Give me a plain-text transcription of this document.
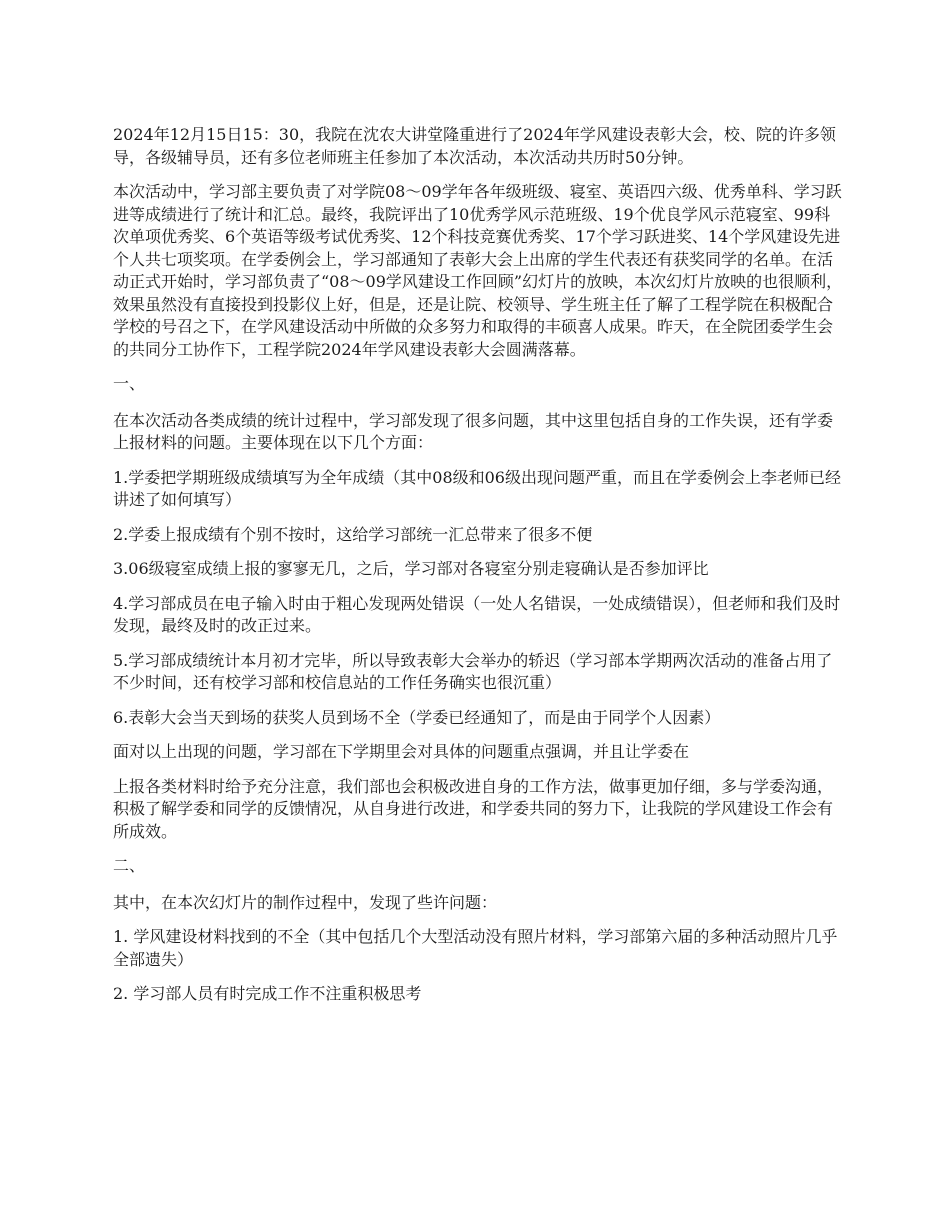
2024年12月15日15：30，我院在沈农大讲堂隆重进行了2024年学风建设表彰大会，校、院的许多领导，各级辅导员，还有多位老师班主任参加了本次活动，本次活动共历时50分钟。

本次活动中，学习部主要负责了对学院08～09学年各年级班级、寝室、英语四六级、优秀单科、学习跃进等成绩进行了统计和汇总。最终，我院评出了10优秀学风示范班级、19个优良学风示范寝室、99科次单项优秀奖、6个英语等级考试优秀奖、12个科技竞赛优秀奖、17个学习跃进奖、14个学风建设先进个人共七项奖项。在学委例会上，学习部通知了表彰大会上出席的学生代表还有获奖同学的名单。在活动正式开始时，学习部负责了“08～09学风建设工作回顾”幻灯片的放映，本次幻灯片放映的也很顺利，效果虽然没有直接投到投影仪上好，但是，还是让院、校领导、学生班主任了解了工程学院在积极配合学校的号召之下，在学风建设活动中所做的众多努力和取得的丰硕喜人成果。昨天，在全院团委学生会的共同分工协作下，工程学院2024年学风建设表彰大会圆满落幕。

一、

在本次活动各类成绩的统计过程中，学习部发现了很多问题，其中这里包括自身的工作失误，还有学委上报材料的问题。主要体现在以下几个方面：

1.学委把学期班级成绩填写为全年成绩（其中08级和06级出现问题严重，而且在学委例会上李老师已经讲述了如何填写）

2.学委上报成绩有个别不按时，这给学习部统一汇总带来了很多不便

3.06级寝室成绩上报的寥寥无几，之后，学习部对各寝室分别走寝确认是否参加评比

4.学习部成员在电子输入时由于粗心发现两处错误（一处人名错误，一处成绩错误），但老师和我们及时发现，最终及时的改正过来。

5.学习部成绩统计本月初才完毕，所以导致表彰大会举办的轿迟（学习部本学期两次活动的准备占用了不少时间，还有校学习部和校信息站的工作任务确实也很沉重）

6.表彰大会当天到场的获奖人员到场不全（学委已经通知了，而是由于同学个人因素）

面对以上出现的问题，学习部在下学期里会对具体的问题重点强调，并且让学委在

上报各类材料时给予充分注意，我们部也会积极改进自身的工作方法，做事更加仔细，多与学委沟通，积极了解学委和同学的反馈情况，从自身进行改进，和学委共同的努力下，让我院的学风建设工作会有所成效。

二、

其中，在本次幻灯片的制作过程中，发现了些许问题：

1. 学风建设材料找到的不全（其中包括几个大型活动没有照片材料，学习部第六届的多种活动照片几乎全部遗失）

2. 学习部人员有时完成工作不注重积极思考
